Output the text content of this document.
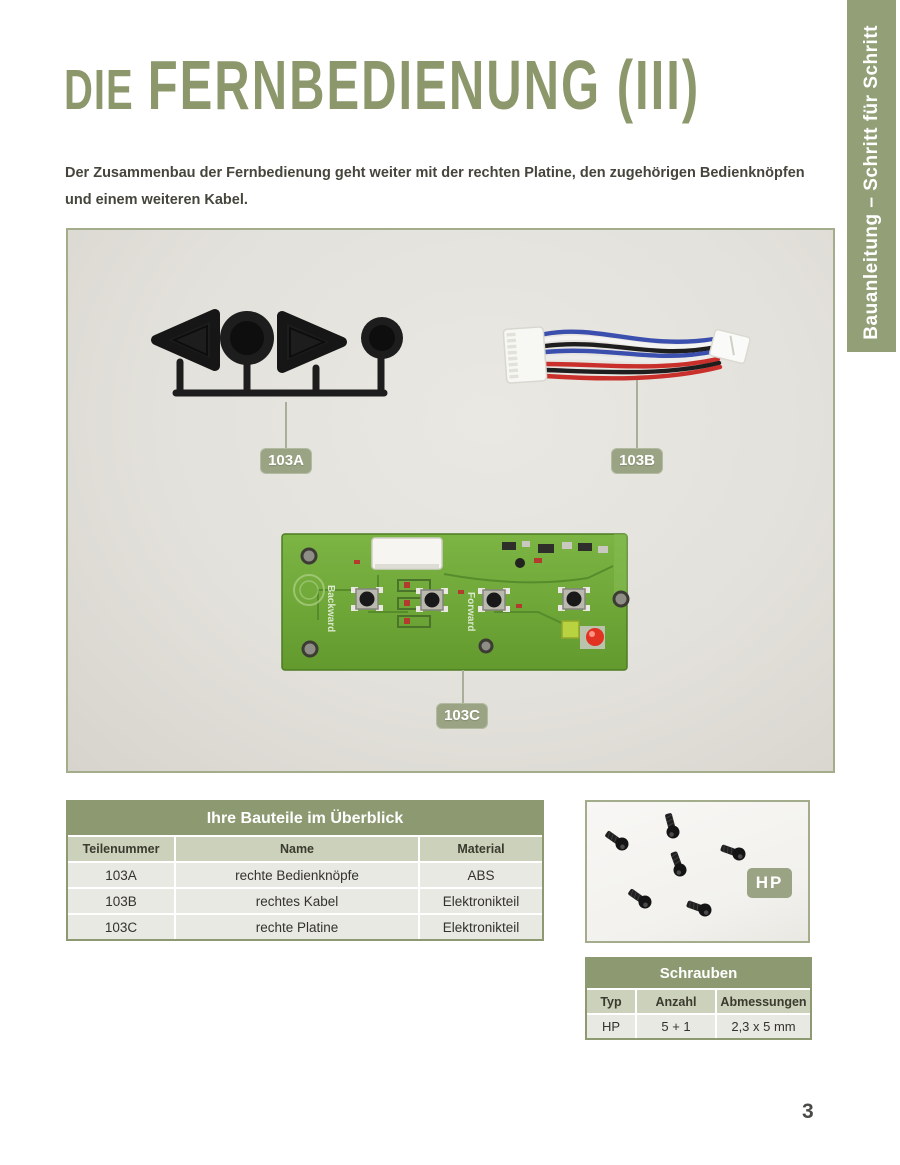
Bauanleitung – Schritt für Schritt
DIE FERNBEDIENUNG (III)

Der Zusammenbau der Fernbedienung geht weiter mit der rechten Platine, den zugehörigen Bedienknöpfen und einem weiteren Kabel.

Backward	Forward
103A	103B
103C
Ihre Bauteile im Überblick
Teilenummer	Name	Material
103A	rechte Bedienknöpfe	ABS
103B	rechtes Kabel	Elektronikteil
103C	rechte Platine	Elektronikteil
HP
Schrauben
Typ	Anzahl	Abmessungen
HP	5 + 1	2,3 x 5 mm
3
